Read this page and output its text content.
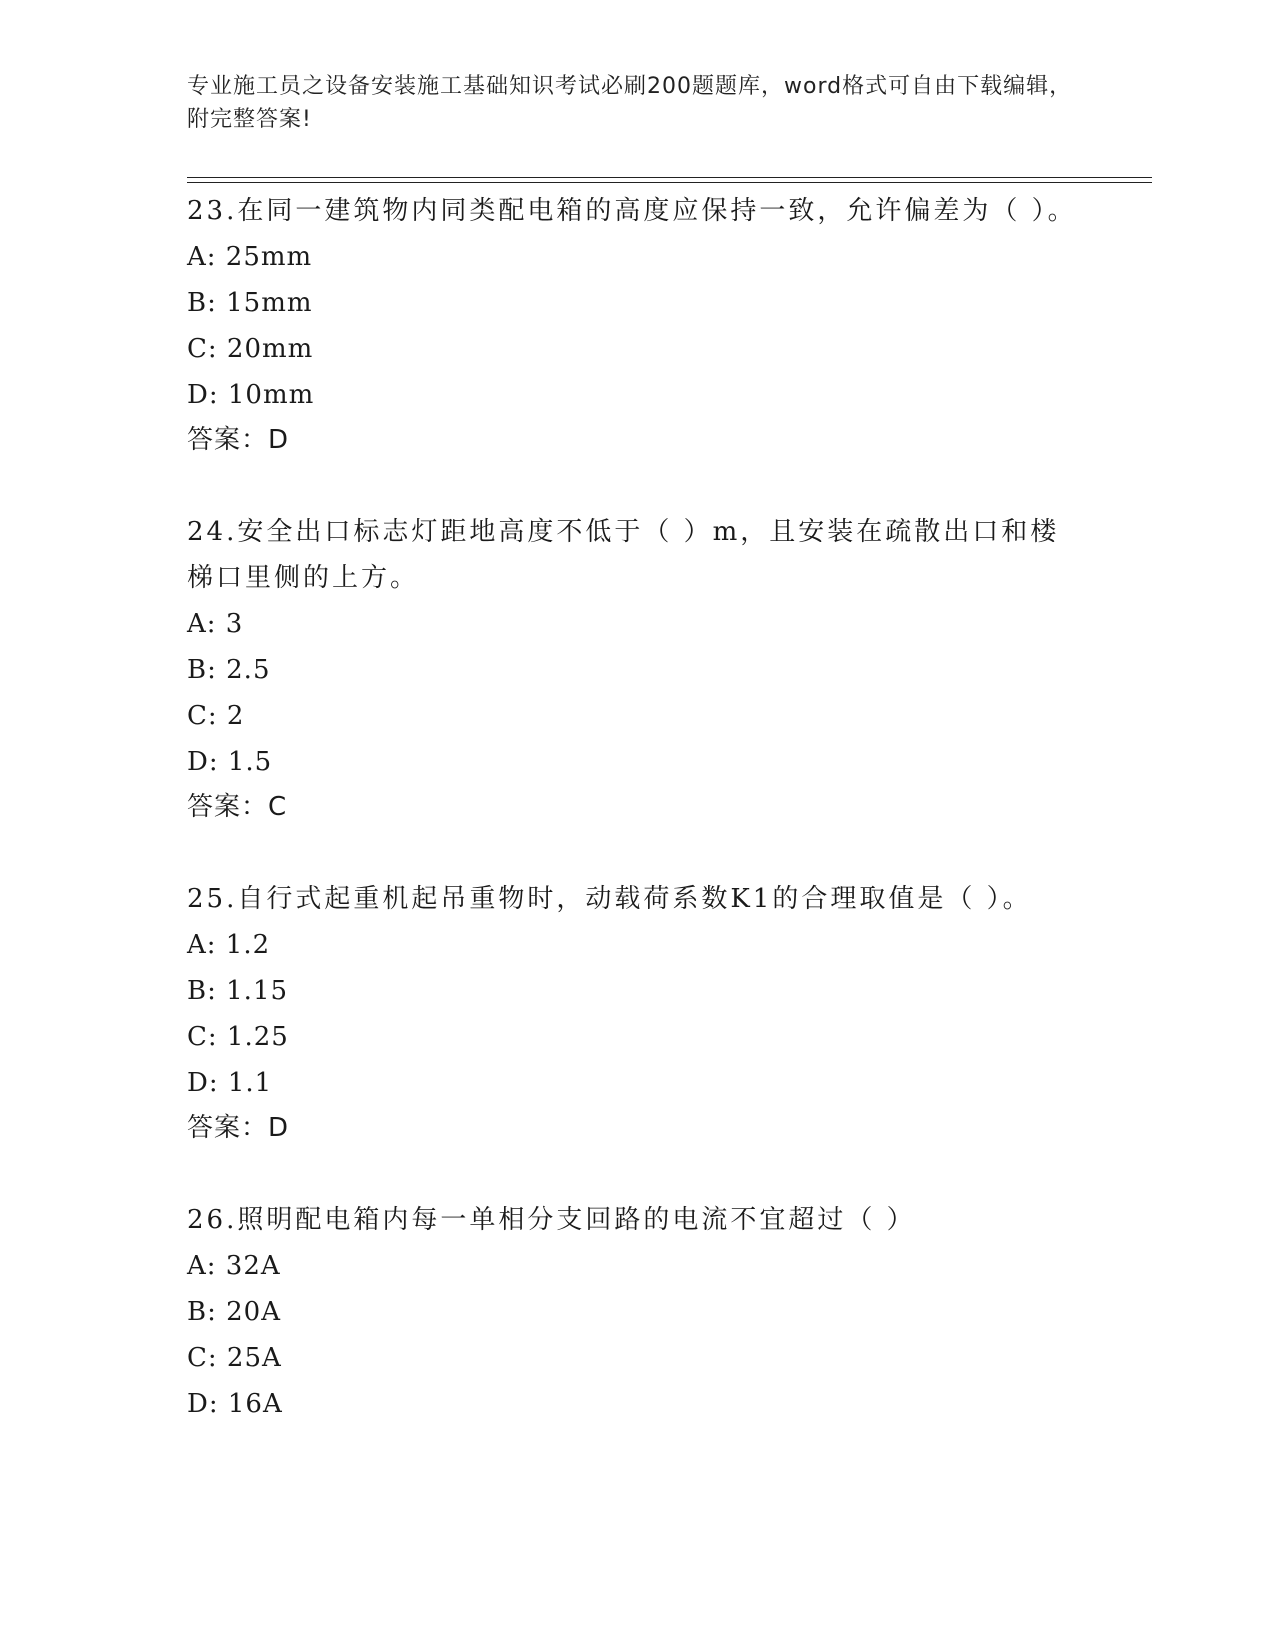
专业施工员之设备安装施工基础知识考试必刷200题题库，word格式可自由下载编辑，附完整答案!

23.在同一建筑物内同类配电箱的高度应保持一致，允许偏差为（ ）。

A: 25mm

B: 15mm

C: 20mm

D: 10mm

答案：D

24.安全出口标志灯距地高度不低于（ ）m，且安装在疏散出口和楼梯口里侧的上方。

A: 3

B: 2.5

C: 2

D: 1.5

答案：C

25.自行式起重机起吊重物时，动载荷系数K1的合理取值是（ ）。

A: 1.2

B: 1.15

C: 1.25

D: 1.1

答案：D

26.照明配电箱内每一单相分支回路的电流不宜超过（ ）

A: 32A

B: 20A

C: 25A

D: 16A
